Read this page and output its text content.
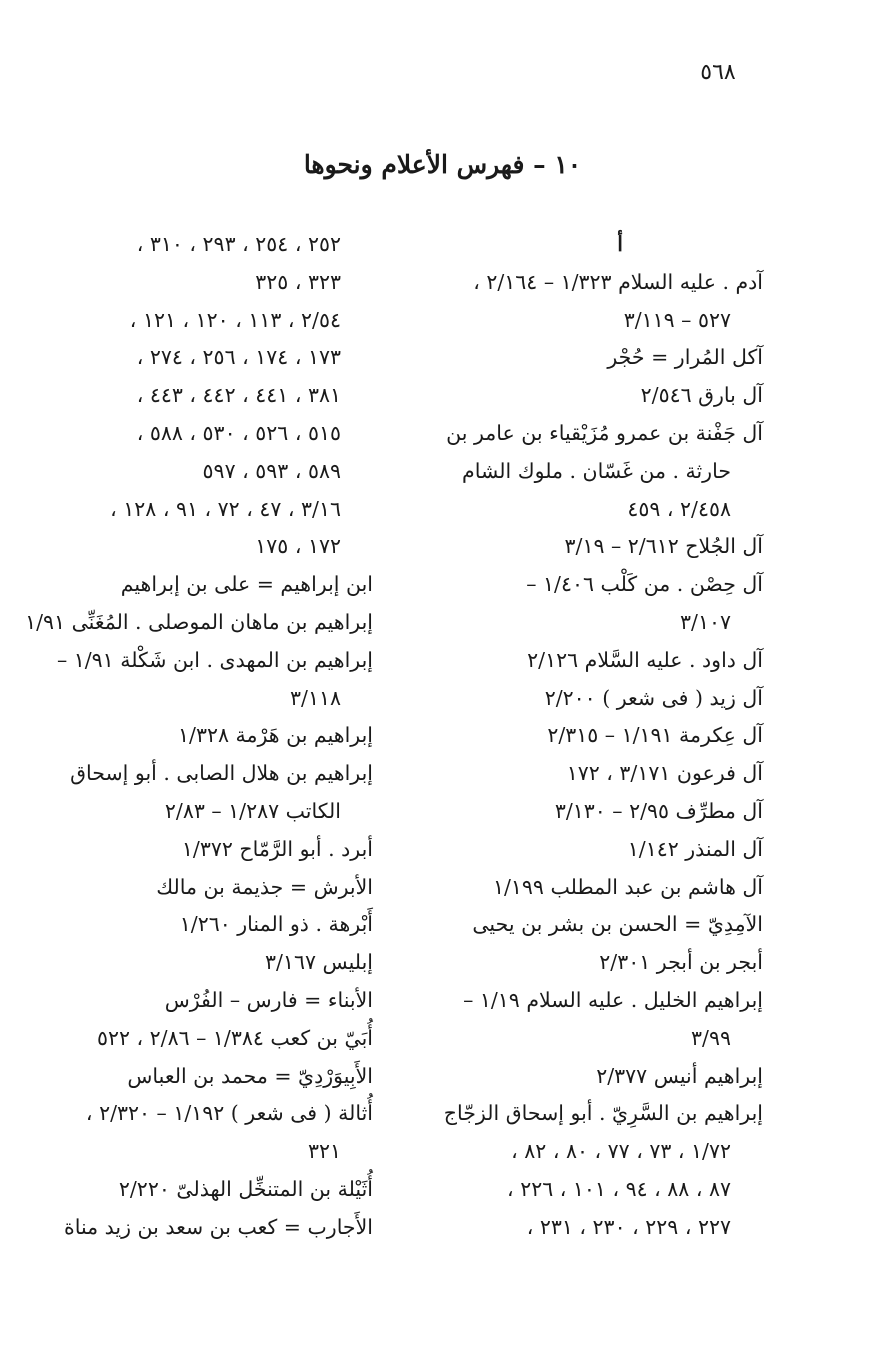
٥٦٨
١٠ – فهرس الأعلام ونحوها
أ
آدم . عليه السلام ١/٣٢٣ – ٢/١٦٤ ،
٥٢٧ – ٣/١١٩
آكل المُرار = حُجْر
آل بارق ٢/٥٤٦
آل جَفْنة بن عمرو مُزَيْقياء بن عامر بن
حارثة . من غَسّان . ملوك الشام
٢/٤٥٨ ، ٤٥٩
آل الجُلاح ٢/٦١٢ – ٣/١٩
آل حِصْن . من كَلْب ١/٤٠٦ –
٣/١٠٧
آل داود . عليه السَّلام ٢/١٢٦
آل زيد ( فى شعر ) ٢/٢٠٠
آل عِكرمة ١/١٩١ – ٢/٣١٥
آل فرعون ٣/١٧١ ، ١٧٢
آل مطرِّف ٢/٩٥ – ٣/١٣٠
آل المنذر ١/١٤٢
آل هاشم بن عبد المطلب ١/١٩٩
الآمِدِيّ = الحسن بن بشر بن يحيى
أبجر بن أبجر ٢/٣٠١
إبراهيم الخليل . عليه السلام ١/١٩ –
٣/٩٩
إبراهيم أنيس ٢/٣٧٧
إبراهيم بن السَّرِيّ . أبو إسحاق الزجّاج
١/٧٢ ، ٧٣ ، ٧٧ ، ٨٠ ، ٨٢ ،
٨٧ ، ٨٨ ، ٩٤ ، ١٠١ ، ٢٢٦ ،
٢٢٧ ، ٢٢٩ ، ٢٣٠ ، ٢٣١ ،
٢٥٢ ، ٢٥٤ ، ٢٩٣ ، ٣١٠ ،
٣٢٣ ، ٣٢٥
٢/٥٤ ، ١١٣ ، ١٢٠ ، ١٢١ ،
١٧٣ ، ١٧٤ ، ٢٥٦ ، ٢٧٤ ،
٣٨١ ، ٤٤١ ، ٤٤٢ ، ٤٤٣ ،
٥١٥ ، ٥٢٦ ، ٥٣٠ ، ٥٨٨ ،
٥٨٩ ، ٥٩٣ ، ٥٩٧
٣/١٦ ، ٤٧ ، ٧٢ ، ٩١ ، ١٢٨ ،
١٧٢ ، ١٧٥
ابن إبراهيم = على بن إبراهيم
إبراهيم بن ماهان الموصلى . المُغَنِّى ١/٩١
إبراهيم بن المهدى . ابن شَكْلة ١/٩١ –
٣/١١٨
إبراهيم بن هَرْمة ١/٣٢٨
إبراهيم بن هلال الصابى . أبو إسحاق
الكاتب ١/٢٨٧ – ٢/٨٣
أبرد . أبو الرَّمّاح ١/٣٧٢
الأبرش = جذيمة بن مالك
أَبْرهة . ذو المنار ١/٢٦٠
إبليس ٣/١٦٧
الأبناء = فارس – الفُرْس
أُبَيّ بن كعب ١/٣٨٤ – ٢/٨٦ ، ٥٢٢
الأَبِيوَرْدِيّ = محمد بن العباس
أُثالة ( فى شعر ) ١/١٩٢ – ٢/٣٢٠ ،
٣٢١
أُثَيْلة بن المتنخِّل الهذلىّ ٢/٢٢٠
الأَجارب = كعب بن سعد بن زيد مناة
